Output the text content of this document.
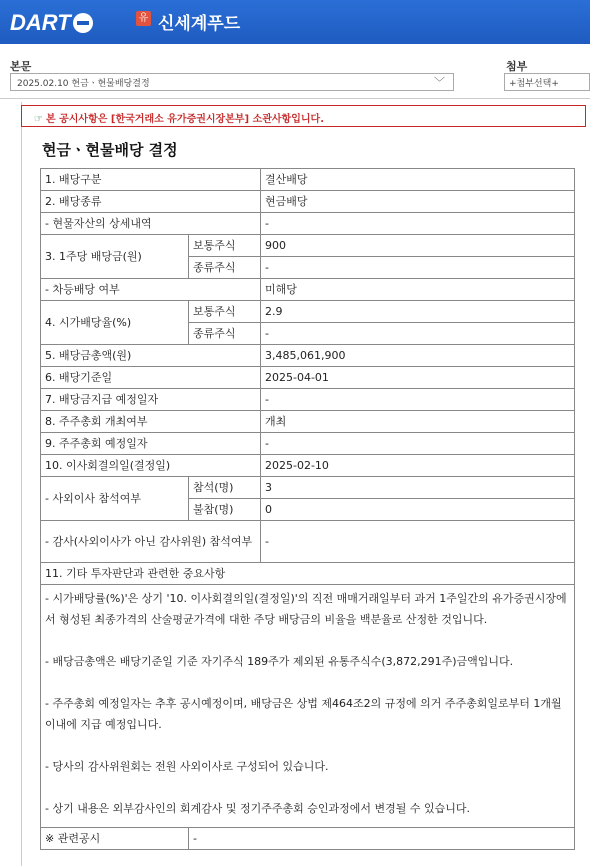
DART	유 신세계푸드
본문
2025.02.10 현금ㆍ현물배당결정	﹀
첨부
+첨부선택+
☞ 본 공시사항은 [한국거래소 유가증권시장본부] 소관사항입니다.
현금ㆍ현물배당 결정
1. 배당구분		결산배당
2. 배당종류		현금배당
- 현물자산의 상세내역		-
3. 1주당 배당금(원)	보통주식	900
	종류주식	-
- 차등배당 여부		미해당
4. 시가배당율(%)	보통주식	2.9
	종류주식	-
5. 배당금총액(원)		3,485,061,900
6. 배당기준일		2025-04-01
7. 배당금지급 예정일자		-
8. 주주총회 개최여부		개최
9. 주주총회 예정일자		-
10. 이사회결의일(결정일)		2025-02-10
- 사외이사 참석여부	참석(명)	3
	불참(명)	0
- 감사(사외이사가 아닌 감사위원) 참석여부		-
11. 기타 투자판단과 관련한 중요사항		

- 시가배당률(%)'은 상기 '10. 이사회결의일(결정일)'의 직전 매매거래일부터 과거 1주일간의 유가증권시장에서 형성된 최종가격의 산술평균가격에 대한 주당 배당금의 비율을 백분율로 산정한 것입니다.
- 배당금총액은 배당기준일 기준 자기주식 189주가 제외된 유통주식수(3,872,291주)금액입니다.
- 주주총회 예정일자는 추후 공시예정이며, 배당금은 상법 제464조2의 규정에 의거 주주총회일로부터 1개월 이내에 지급 예정입니다.
- 당사의 감사위원회는 전원 사외이사로 구성되어 있습니다.
- 상기 내용은 외부감사인의 회계감사 및 정기주주총회 승인과정에서 변경될 수 있습니다.		

※ 관련공시	-	
